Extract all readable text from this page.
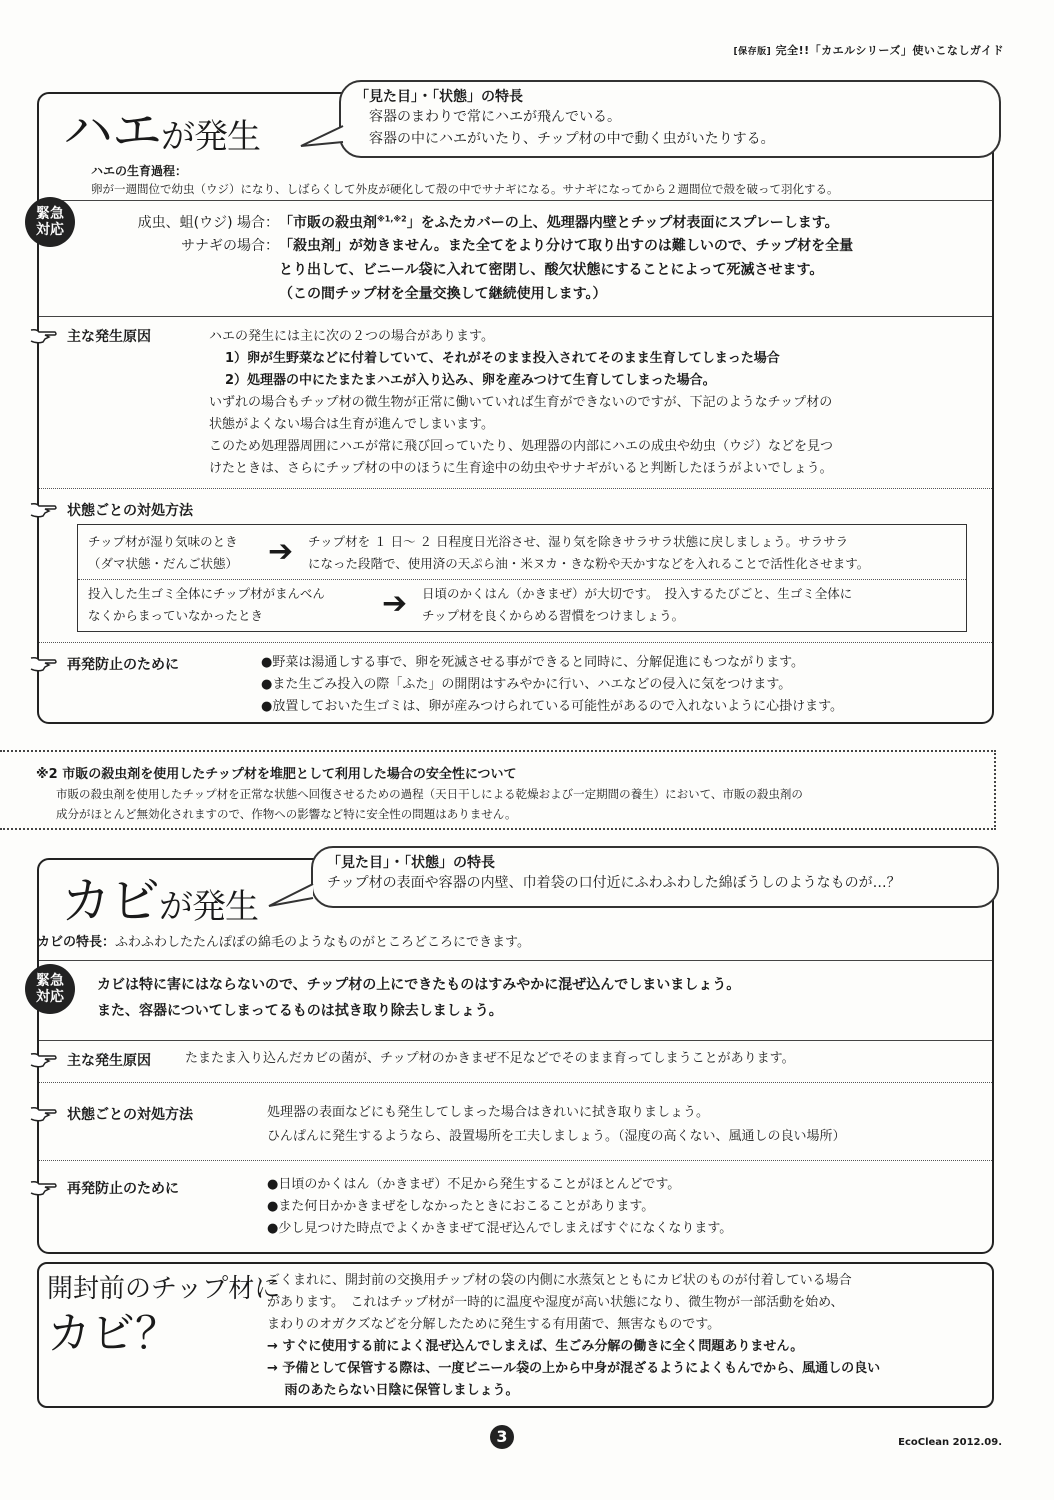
[保存版] 完全!!「カエルシリーズ」使いこなしガイド
ハエが発生
「見た目」・「状態」の特長
容器のまわりで常にハエが飛んでいる。
容器の中にハエがいたり、チップ材の中で動く虫がいたりする。
ハエの生育過程：
卵が一週間位で幼虫（ウジ）になり、しばらくして外皮が硬化して殻の中でサナギになる。サナギになってから２週間位で殻を破って羽化する。
緊急
対応	成虫、蛆(ウジ) 場合：「市販の殺虫剤$^{※1,※2}$」をふたカバーの上、処理器内壁とチップ材表面にスプレーします。
サナギの場合： 「殺虫剤」が効きません。また全てをより分けて取り出すのは難しいので、チップ材を全量
とり出して、ビニール袋に入れて密閉し、酸欠状態にすることによって死滅させます。
（この間チップ材を全量交換して継続使用します。）
主な発生原因	ハエの発生には主に次の２つの場合があります。
1）卵が生野菜などに付着していて、それがそのまま投入されてそのまま生育してしまった場合
2）処理器の中にたまたまハエが入り込み、卵を産みつけて生育してしまった場合。
いずれの場合もチップ材の微生物が正常に働いていれば生育ができないのですが、下記のようなチップ材の
状態がよくない場合は生育が進んでしまいます。
このため処理器周囲にハエが常に飛び回っていたり、処理器の内部にハエの成虫や幼虫（ウジ）などを見つ
けたときは、さらにチップ材の中のほうに生育途中の幼虫やサナギがいると判断したほうがよいでしょう。
状態ごとの対処方法
チップ材が湿り気味のとき
（ダマ状態・だんご状態） ➔ チップ材を １ 日～ ２ 日程度日光浴させ、湿り気を除きサラサラ状態に戻しましょう。サラサラ
になった段階で、使用済の天ぷら油・米ヌカ・きな粉や天かすなどを入れることで活性化させます。
投入した生ゴミ全体にチップ材がまんべん
なくからまっていなかったとき	➔ 日頃のかくはん（かきまぜ）が大切です。　投入するたびごと、生ゴミ全体に
チップ材を良くからめる習慣をつけましょう。
再発防止のために	●野菜は湯通しする事で、卵を死滅させる事ができると同時に、分解促進にもつながります。
●また生ごみ投入の際「ふた」の開閉はすみやかに行い、ハエなどの侵入に気をつけます。
●放置しておいた生ゴミは、卵が産みつけられている可能性があるので入れないように心掛けます。
※2 市販の殺虫剤を使用したチップ材を堆肥として利用した場合の安全性について
市販の殺虫剤を使用したチップ材を正常な状態へ回復させるための過程（天日干しによる乾燥および一定期間の養生）において、市販の殺虫剤の
成分がほとんど無効化されますので、作物への影響など特に安全性の問題はありません。
カビが発生
「見た目」・「状態」の特長
チップ材の表面や容器の内壁、巾着袋の口付近にふわふわした綿ぼうしのようなものが…？
カビの特長：ふわふわしたたんぽぽの綿毛のようなものがところどころにできます。
緊急
対応
カビは特に害にはならないので、チップ材の上にできたものはすみやかに混ぜ込んでしまいましょう。
また、容器についてしまってるものは拭き取り除去しましょう。
主な発生原因	たまたま入り込んだカビの菌が、チップ材のかきまぜ不足などでそのまま育ってしまうことがあります。
状態ごとの対処方法	処理器の表面などにも発生してしまった場合はきれいに拭き取りましょう。
ひんぱんに発生するようなら、設置場所を工夫しましょう。（湿度の高くない、風通しの良い場所）
再発防止のために	●日頃のかくはん（かきまぜ）不足から発生することがほとんどです。
●また何日かかきまぜをしなかったときにおこることがあります。
●少し見つけた時点でよくかきまぜて混ぜ込んでしまえばすぐになくなります。
開封前のチップ材に
カビ？
ごくまれに、開封前の交換用チップ材の袋の内側に水蒸気とともにカビ状のものが付着している場合
があります。　これはチップ材が一時的に温度や湿度が高い状態になり、微生物が一部活動を始め、
まわりのオガクズなどを分解したために発生する有用菌で、無害なものです。
→ すぐに使用する前によく混ぜ込んでしまえば、生ごみ分解の働きに全く問題ありません。
→ 予備として保管する際は、一度ビニール袋の上から中身が混ざるようによくもんでから、風通しの良い
　 雨のあたらない日陰に保管しましょう。
3	EcoClean 2012.09.
